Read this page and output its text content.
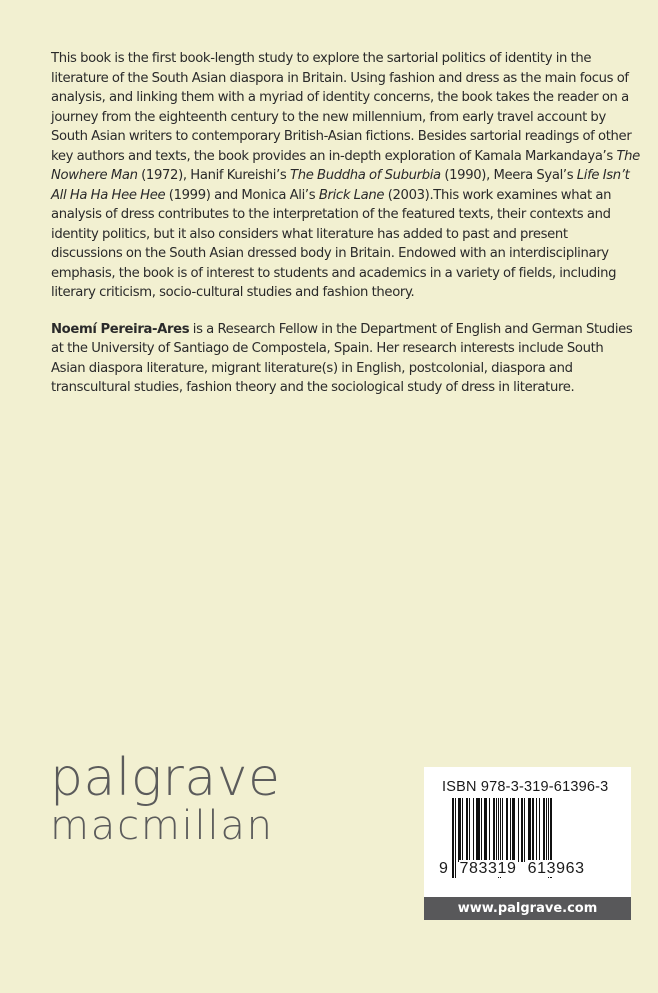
This book is the first book-length study to explore the sartorial politics of identity in the literature of the South Asian diaspora in Britain. Using fashion and dress as the main focus of analysis, and linking them with a myriad of identity concerns, the book takes the reader on a journey from the eighteenth century to the new millennium, from early travel account by South Asian writers to contemporary British-Asian fictions. Besides sartorial readings of other key authors and texts, the book provides an in-depth exploration of Kamala Markandaya’s The Nowhere Man (1972), Hanif Kureishi’s The Buddha of Suburbia (1990), Meera Syal’s Life Isn’t All Ha Ha Hee Hee (1999) and Monica Ali’s Brick Lane (2003).This work examines what an analysis of dress contributes to the interpretation of the featured texts, their contexts and identity politics, but it also considers what literature has added to past and present discussions on the South Asian dressed body in Britain. Endowed with an interdisciplinary emphasis, the book is of interest to students and academics in a variety of fields, including literary criticism, socio-cultural studies and fashion theory.

Noemí Pereira-Ares is a Research Fellow in the Department of English and German Studies at the University of Santiago de Compostela, Spain. Her research interests include South Asian diaspora literature, migrant literature(s) in English, postcolonial, diaspora and transcultural studies, fashion theory and the sociological study of dress in literature.

palgrave
macmillan
ISBN 978-3-319-61396-3
9 783319 613963
www.palgrave.com
